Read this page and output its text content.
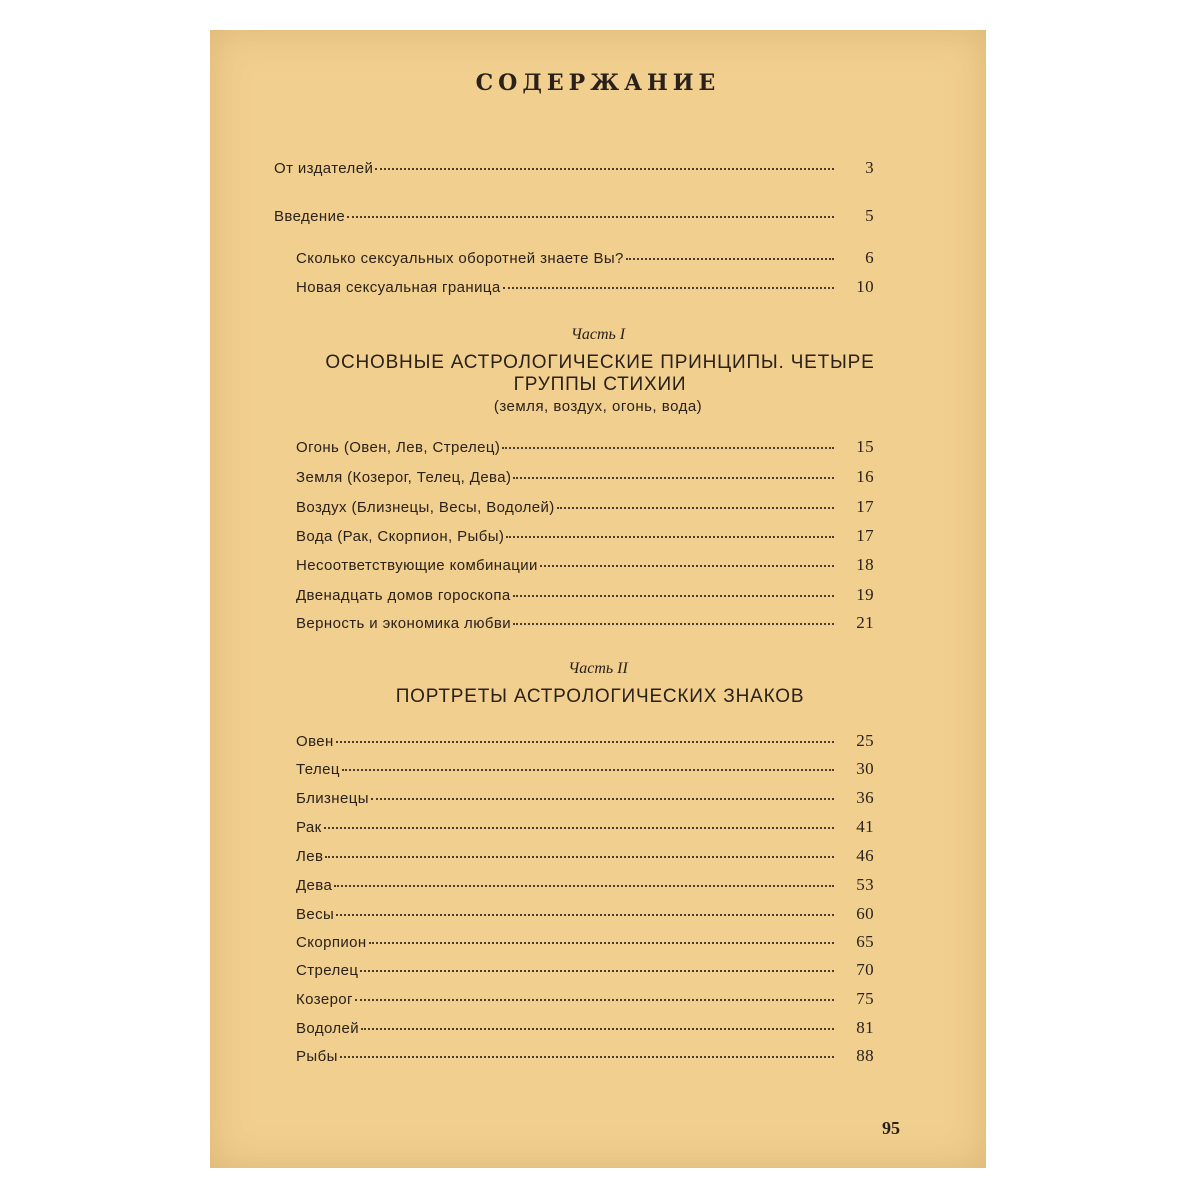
СОДЕРЖАНИЕ
От издателей	3
Введение	5
Сколько сексуальных оборотней знаете Вы?	6
Новая сексуальная граница	10
Часть I
ОСНОВНЫЕ АСТРОЛОГИЧЕСКИЕ ПРИНЦИПЫ. ЧЕТЫРЕ ГРУППЫ СТИХИИ
(земля, воздух, огонь, вода)
Огонь (Овен, Лев, Стрелец)	15
Земля (Козерог, Телец, Дева)	16
Воздух (Близнецы, Весы, Водолей)	17
Вода (Рак, Скорпион, Рыбы)	17
Несоответствующие комбинации	18
Двенадцать домов гороскопа	19
Верность и экономика любви	21
Часть II
ПОРТРЕТЫ АСТРОЛОГИЧЕСКИХ ЗНАКОВ
Овен	25
Телец	30
Близнецы	36
Рак	41
Лев	46
Дева	53
Весы	60
Скорпион	65
Стрелец	70
Козерог	75
Водолей	81
Рыбы	88
95
